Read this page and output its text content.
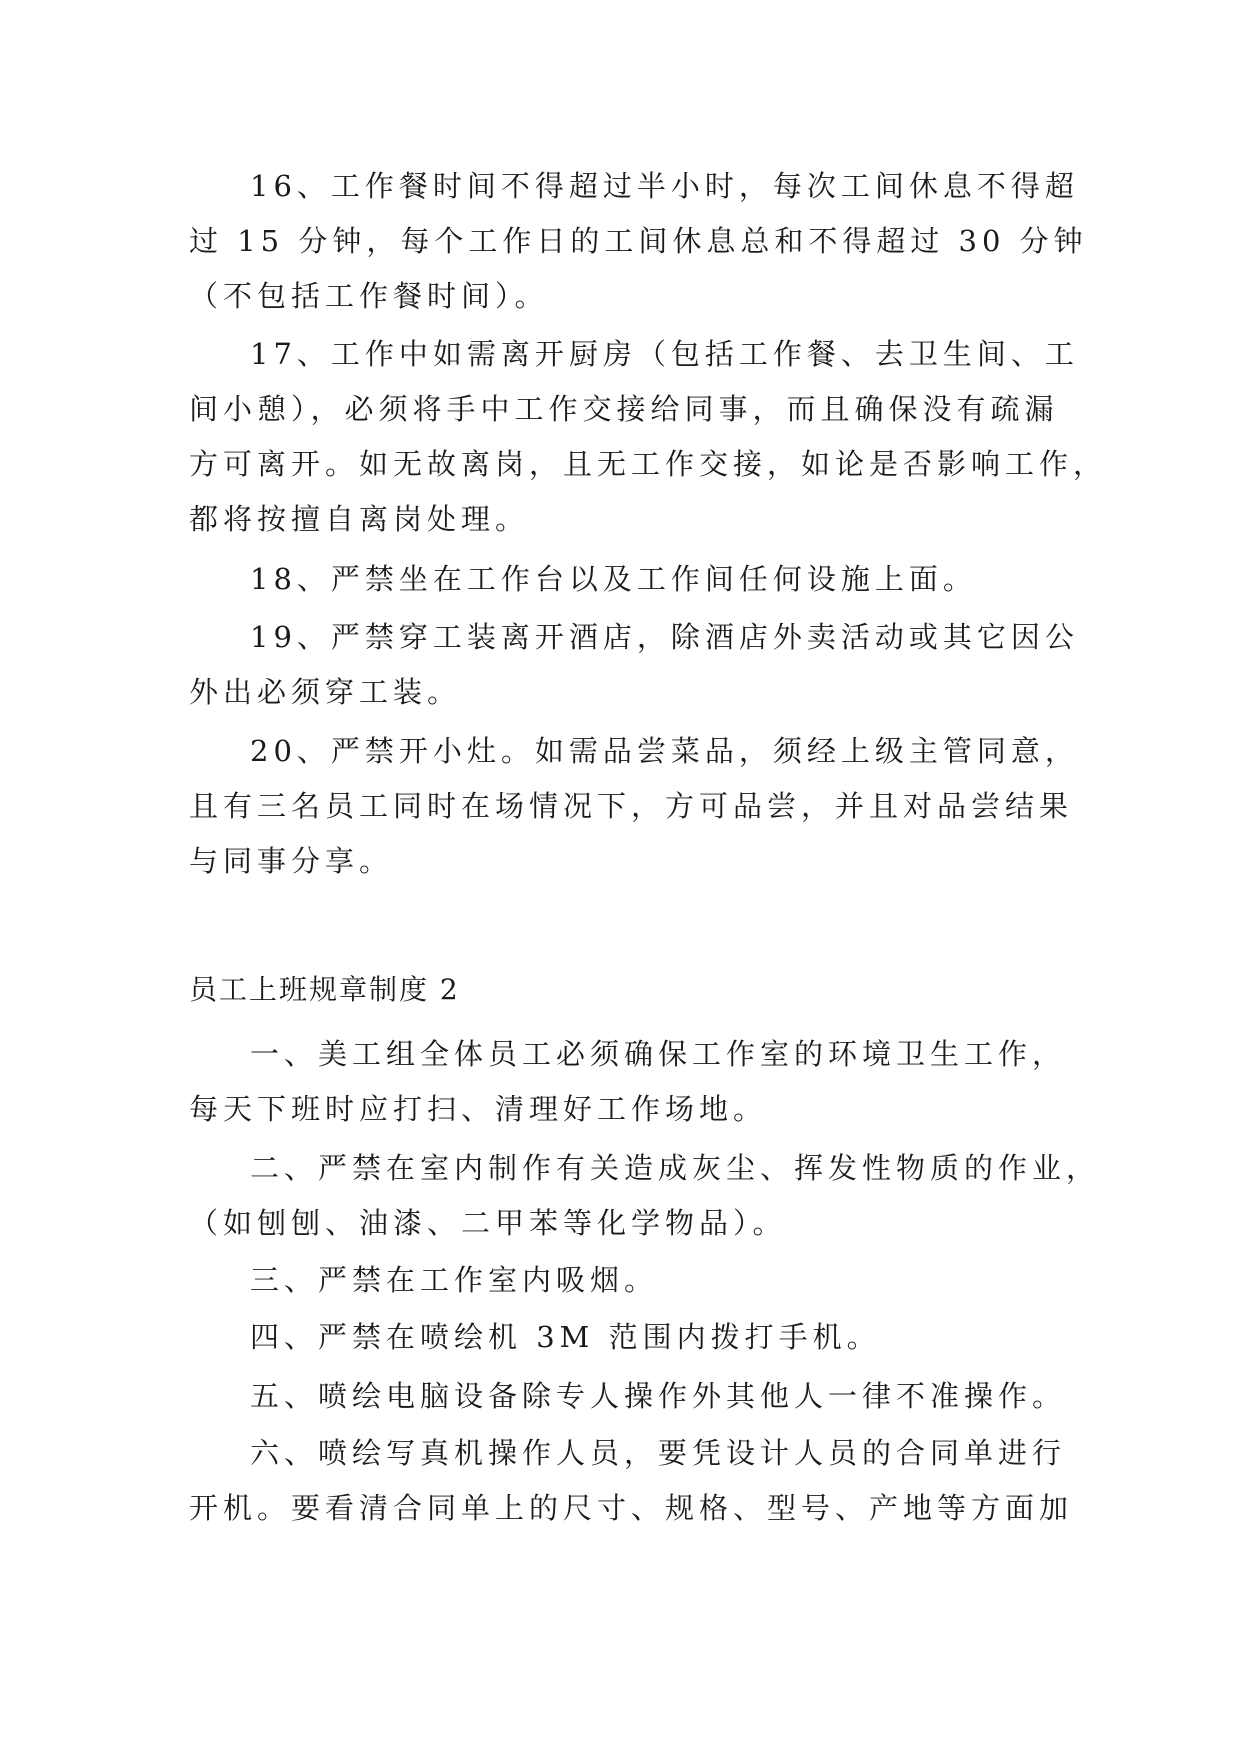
16、工作餐时间不得超过半小时，每次工间休息不得超

过 15 分钟，每个工作日的工间休息总和不得超过 30 分钟

（不包括工作餐时间）。

17、工作中如需离开厨房（包括工作餐、去卫生间、工

间小憩），必须将手中工作交接给同事，而且确保没有疏漏

方可离开。如无故离岗，且无工作交接，如论是否影响工作，

都将按擅自离岗处理。

18、严禁坐在工作台以及工作间任何设施上面。

19、严禁穿工装离开酒店，除酒店外卖活动或其它因公

外出必须穿工装。

20、严禁开小灶。如需品尝菜品，须经上级主管同意，

且有三名员工同时在场情况下，方可品尝，并且对品尝结果

与同事分享。

员工上班规章制度 2

一、美工组全体员工必须确保工作室的环境卫生工作，

每天下班时应打扫、清理好工作场地。

二、严禁在室内制作有关造成灰尘、挥发性物质的作业，

（如刨刨、油漆、二甲苯等化学物品）。

三、严禁在工作室内吸烟。

四、严禁在喷绘机 3M 范围内拨打手机。

五、喷绘电脑设备除专人操作外其他人一律不准操作。

六、喷绘写真机操作人员，要凭设计人员的合同单进行

开机。要看清合同单上的尺寸、规格、型号、产地等方面加
